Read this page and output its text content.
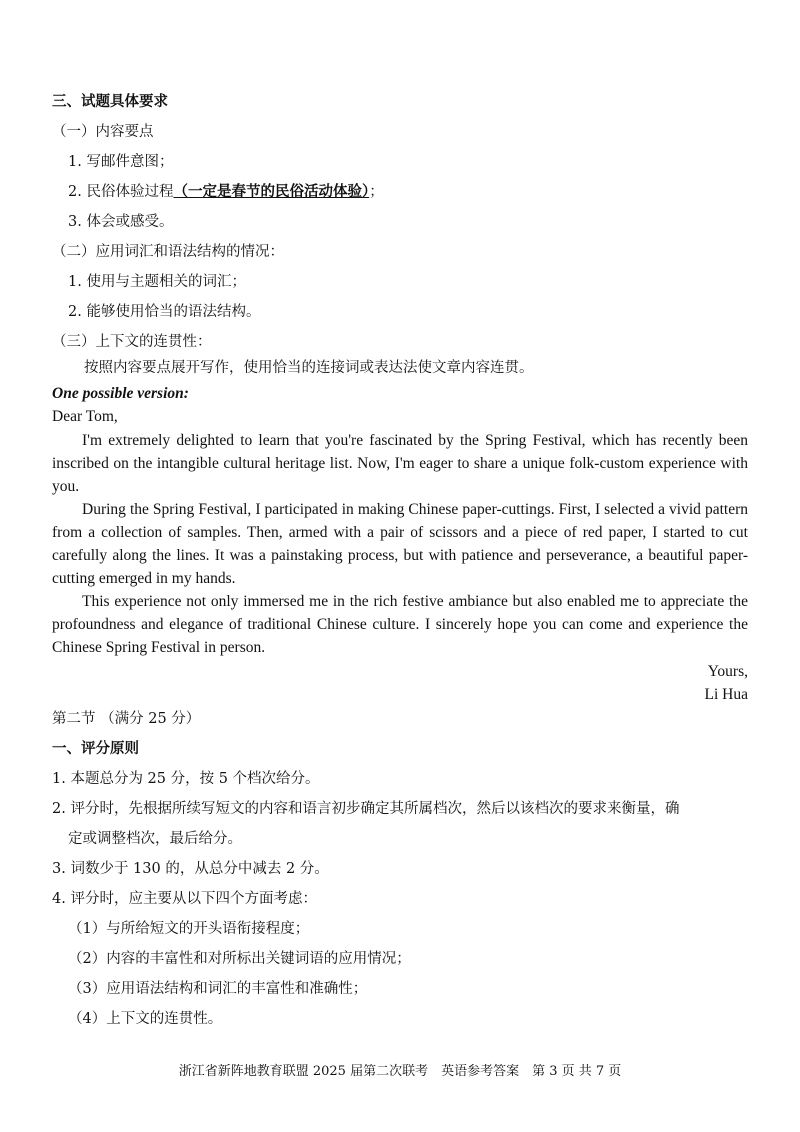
三、试题具体要求
（一）内容要点
1. 写邮件意图；
2. 民俗体验过程（一定是春节的民俗活动体验）；
3. 体会或感受。
（二）应用词汇和语法结构的情况：
1. 使用与主题相关的词汇；
2. 能够使用恰当的语法结构。
（三）上下文的连贯性：
按照内容要点展开写作，使用恰当的连接词或表达法使文章内容连贯。
One possible version:
Dear Tom,
I'm extremely delighted to learn that you're fascinated by the Spring Festival, which has recently been inscribed on the intangible cultural heritage list. Now, I'm eager to share a unique folk-custom experience with you.
During the Spring Festival, I participated in making Chinese paper-cuttings. First, I selected a vivid pattern from a collection of samples. Then, armed with a pair of scissors and a piece of red paper, I started to cut carefully along the lines. It was a painstaking process, but with patience and perseverance, a beautiful paper-cutting emerged in my hands.
This experience not only immersed me in the rich festive ambiance but also enabled me to appreciate the profoundness and elegance of traditional Chinese culture. I sincerely hope you can come and experience the Chinese Spring Festival in person.
Yours,
Li Hua
第二节 （满分 25 分）
一、评分原则
1. 本题总分为 25 分，按 5 个档次给分。
2. 评分时，先根据所续写短文的内容和语言初步确定其所属档次，然后以该档次的要求来衡量，确
定或调整档次，最后给分。
3. 词数少于 130 的，从总分中减去 2 分。
4. 评分时，应主要从以下四个方面考虑：
（1）与所给短文的开头语衔接程度；
（2）内容的丰富性和对所标出关键词语的应用情况；
（3）应用语法结构和词汇的丰富性和准确性；
（4）上下文的连贯性。
浙江省新阵地教育联盟 2025 届第二次联考　英语参考答案　第 3 页 共 7 页
